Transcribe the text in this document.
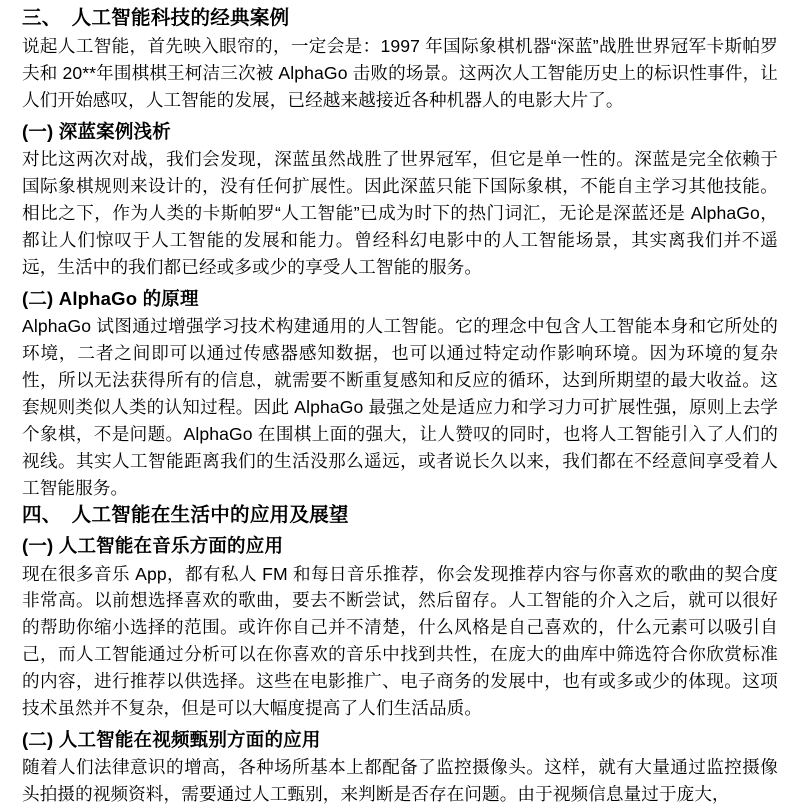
三、　人工智能科技的经典案例

说起人工智能，首先映入眼帘的，一定会是：1997 年国际象棋机器“深蓝”战胜世界冠军卡斯帕罗夫和 20**年围棋棋王柯洁三次被 AlphaGo 击败的场景。这两次人工智能历史上的标识性事件，让人们开始感叹，人工智能的发展，已经越来越接近各种机器人的电影大片了。

(一) 深蓝案例浅析

对比这两次对战，我们会发现，深蓝虽然战胜了世界冠军，但它是单一性的。深蓝是完全依赖于国际象棋规则来设计的，没有任何扩展性。因此深蓝只能下国际象棋，不能自主学习其他技能。相比之下，作为人类的卡斯帕罗“人工智能”已成为时下的热门词汇，无论是深蓝还是 AlphaGo，都让人们惊叹于人工智能的发展和能力。曾经科幻电影中的人工智能场景，其实离我们并不遥远，生活中的我们都已经或多或少的享受人工智能的服务。

(二) AlphaGo 的原理

AlphaGo 试图通过增强学习技术构建通用的人工智能。它的理念中包含人工智能本身和它所处的环境，二者之间即可以通过传感器感知数据，也可以通过特定动作影响环境。因为环境的复杂性，所以无法获得所有的信息，就需要不断重复感知和反应的循环，达到所期望的最大收益。这套规则类似人类的认知过程。因此 AlphaGo 最强之处是适应力和学习力可扩展性强，原则上去学个象棋，不是问题。AlphaGo 在围棋上面的强大，让人赞叹的同时，也将人工智能引入了人们的视线。其实人工智能距离我们的生活没那么遥远，或者说长久以来，我们都在不经意间享受着人工智能服务。

四、　人工智能在生活中的应用及展望
(一) 人工智能在音乐方面的应用

现在很多音乐 App，都有私人 FM 和每日音乐推荐，你会发现推荐内容与你喜欢的歌曲的契合度非常高。以前想选择喜欢的歌曲，要去不断尝试，然后留存。人工智能的介入之后，就可以很好的帮助你缩小选择的范围。或许你自己并不清楚，什么风格是自己喜欢的，什么元素可以吸引自己，而人工智能通过分析可以在你喜欢的音乐中找到共性，在庞大的曲库中筛选符合你欣赏标准的内容，进行推荐以供选择。这些在电影推广、电子商务的发展中，也有或多或少的体现。这项技术虽然并不复杂，但是可以大幅度提高了人们生活品质。

(二) 人工智能在视频甄别方面的应用

随着人们法律意识的增高，各种场所基本上都配备了监控摄像头。这样，就有大量通过监控摄像头拍摄的视频资料，需要通过人工甄别，来判断是否存在问题。由于视频信息量过于庞大，
